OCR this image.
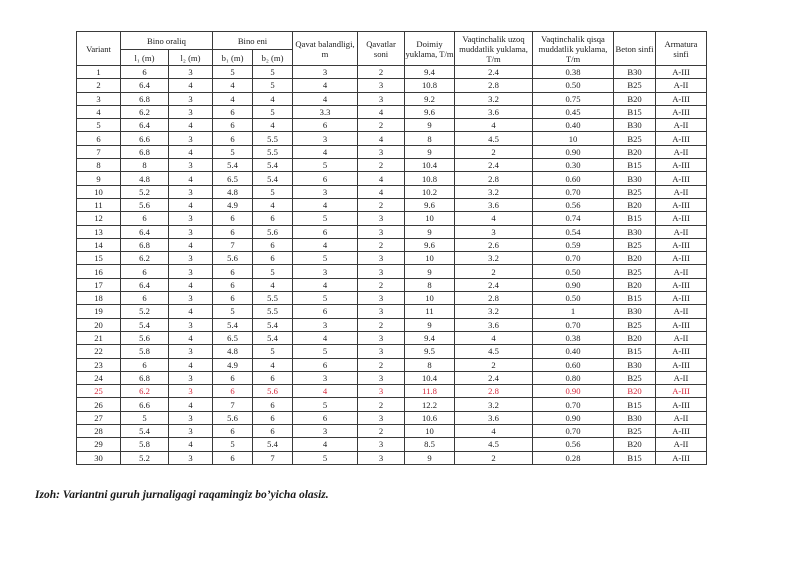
Variant	Bino oraliq		Bino eni		Qavat balandligi, m	Qavatlar soni	Doimiy yuklama, T/m	Vaqtinchalik uzoq muddatlik yuklama, T/m	Vaqtinchalik qisqa muddatlik yuklama, T/m	Beton sinfi	Armatura sinfi
	l₁ (m)	l₂ (m)	b₁ (m)	b₂ (m)							
1	6	3	5	5	3	2	9.4	2.4	0.38	B30	A-III
2	6.4	4	4	5	4	3	10.8	2.8	0.50	B25	A-II
3	6.8	3	4	4	4	3	9.2	3.2	0.75	B20	A-III
4	6.2	3	6	5	3.3	4	9.6	3.6	0.45	B15	A-III
5	6.4	4	6	4	6	2	9	4	0.40	B30	A-II
6	6.6	3	6	5.5	3	4	8	4.5	10	B25	A-III
7	6.8	4	5	5.5	4	3	9	2	0.90	B20	A-II
8	8	3	5.4	5.4	5	2	10.4	2.4	0.30	B15	A-III
9	4.8	4	6.5	5.4	6	4	10.8	2.8	0.60	B30	A-III
10	5.2	3	4.8	5	3	4	10.2	3.2	0.70	B25	A-II
11	5.6	4	4.9	4	4	2	9.6	3.6	0.56	B20	A-III
12	6	3	6	6	5	3	10	4	0.74	B15	A-III
13	6.4	3	6	5.6	6	3	9	3	0.54	B30	A-II
14	6.8	4	7	6	4	2	9.6	2.6	0.59	B25	A-III
15	6.2	3	5.6	6	5	3	10	3.2	0.70	B20	A-III
16	6	3	6	5	3	3	9	2	0.50	B25	A-II
17	6.4	4	6	4	4	2	8	2.4	0.90	B20	A-III
18	6	3	6	5.5	5	3	10	2.8	0.50	B15	A-III
19	5.2	4	5	5.5	6	3	11	3.2	1	B30	A-II
20	5.4	3	5.4	5.4	3	2	9	3.6	0.70	B25	A-III
21	5.6	4	6.5	5.4	4	3	9.4	4	0.38	B20	A-II
22	5.8	3	4.8	5	5	3	9.5	4.5	0.40	B15	A-III
23	6	4	4.9	4	6	2	8	2	0.60	B30	A-III
24	6.8	3	6	6	3	3	10.4	2.4	0.80	B25	A-II
25	6.2	3	6	5.6	4	3	11.8	2.8	0.90	B20	A-III
26	6.6	4	7	6	5	2	12.2	3.2	0.70	B15	A-III
27	5	3	5.6	6	6	3	10.6	3.6	0.90	B30	A-II
28	5.4	3	6	6	3	2	10	4	0.70	B25	A-III
29	5.8	4	5	5.4	4	3	8.5	4.5	0.56	B20	A-II
30	5.2	3	6	7	5	3	9	2	0.28	B15	A-III
Izoh: Variantni guruh jurnaligagi raqamingiz bo’yicha olasiz.
